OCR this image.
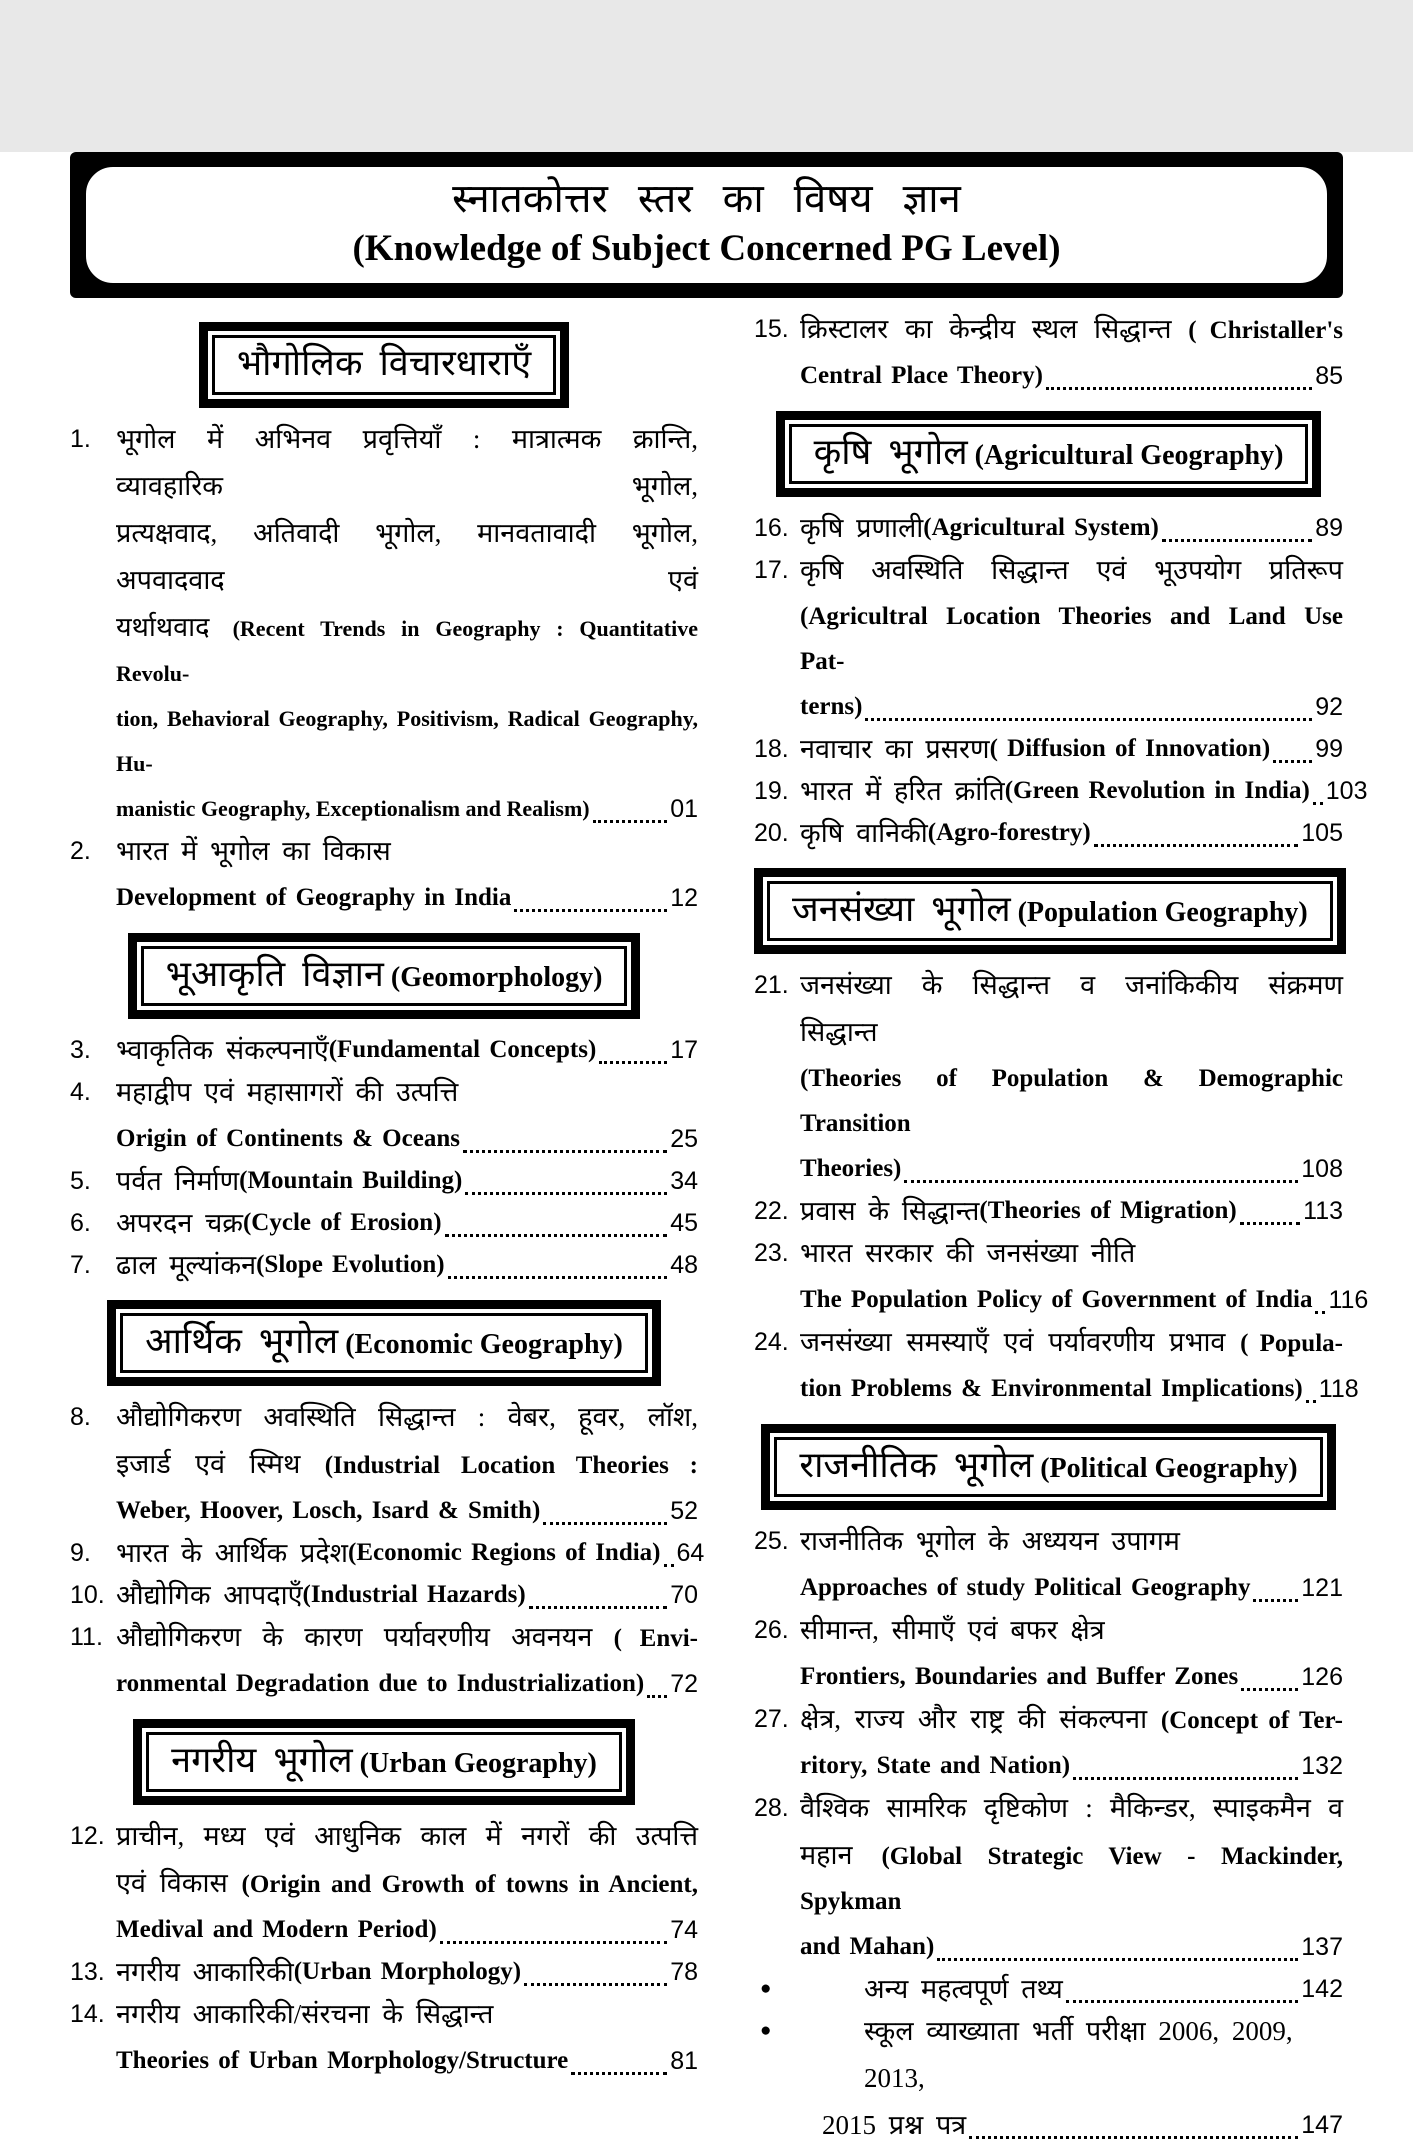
स्नातकोत्तर स्तर का विषय ज्ञान
(Knowledge of Subject Concerned PG Level)
भौगोलिक विचारधाराएँ
1. भूगोल में अभिनव प्रवृत्तियाँ : मात्रात्मक क्रान्ति, व्यावहारिक भूगोल,
प्रत्यक्षवाद, अतिवादी भूगोल, मानवतावादी भूगोल, अपवादवाद एवं
यर्थाथवाद (Recent Trends in Geography : Quantitative Revolu-
tion, Behavioral Geography, Positivism, Radical Geography, Hu-
manistic Geography, Exceptionalism and Realism)	01
2. भारत में भूगोल का विकास
Development of Geography in India	12
भूआकृति विज्ञान (Geomorphology)
3. भ्वाकृतिक संकल्पनाएँ (Fundamental Concepts)	17
4. महाद्वीप एवं महासागरों की उत्पत्ति
Origin of Continents & Oceans	25
5. पर्वत निर्माण (Mountain Building)	34
6. अपरदन चक्र (Cycle of Erosion)	45
7. ढाल मूल्यांकन (Slope Evolution)	48
आर्थिक भूगोल (Economic Geography)
8. औद्योगिकरण अवस्थिति सिद्धान्त : वेबर, हूवर, लॉश,
इजार्ड एवं स्मिथ (Industrial Location Theories :
Weber, Hoover, Losch, Isard & Smith)	52
9. भारत के आर्थिक प्रदेश (Economic Regions of India) 64
10. औद्योगिक आपदाएँ (Industrial Hazards)	70
11. औद्योगिकरण के कारण पर्यावरणीय अवनयन ( Envi-
ronmental Degradation due to Industrialization) 72
नगरीय भूगोल (Urban Geography)
12. प्राचीन, मध्य एवं आधुनिक काल में नगरों की उत्पत्ति
एवं विकास (Origin and Growth of towns in Ancient,
Medival and Modern Period)	74
13. नगरीय आकारिकी (Urban Morphology)	78
14. नगरीय आकारिकी/संरचना के सिद्धान्त
Theories of Urban Morphology/Structure	81
15. क्रिस्टालर का केन्द्रीय स्थल सिद्धान्त ( Christaller's
Central Place Theory)	85
कृषि भूगोल (Agricultural Geography)
16. कृषि प्रणाली (Agricultural System)	89
17. कृषि अवस्थिति सिद्धान्त एवं भूउपयोग प्रतिरूप
(Agricultral Location Theories and Land Use Pat-
terns)	92
18. नवाचार का प्रसरण ( Diffusion of Innovation) 99
19. भारत में हरित क्रांति (Green Revolution in India) 103
20. कृषि वानिकी (Agro-forestry)	105
जनसंख्या भूगोल (Population Geography)
21. जनसंख्या के सिद्धान्त व जनांकिकीय संक्रमण सिद्धान्त
(Theories of Population & Demographic Transition
Theories)	108
22. प्रवास के सिद्धान्त (Theories of Migration)	113
23. भारत सरकार की जनसंख्या नीति
The Population Policy of Government of India 116
24. जनसंख्या समस्याएँ एवं पर्यावरणीय प्रभाव ( Popula-
tion Problems & Environmental Implications) 118
राजनीतिक भूगोल (Political Geography)
25. राजनीतिक भूगोल के अध्ययन उपागम
Approaches of study Political Geography 121
26. सीमान्त, सीमाएँ एवं बफर क्षेत्र
Frontiers, Boundaries and Buffer Zones	126
27. क्षेत्र, राज्य और राष्ट्र की संकल्पना (Concept of Ter-
ritory, State and Nation)	132
28. वैश्विक सामरिक दृष्टिकोण : मैकिन्डर, स्पाइकमैन व
महान (Global Strategic View - Mackinder, Spykman
and Mahan)	137
●	अन्य महत्वपूर्ण तथ्य	142
●	स्कूल व्याख्याता भर्ती परीक्षा 2006, 2009, 2013,
2015 प्रश्न पत्र	147
